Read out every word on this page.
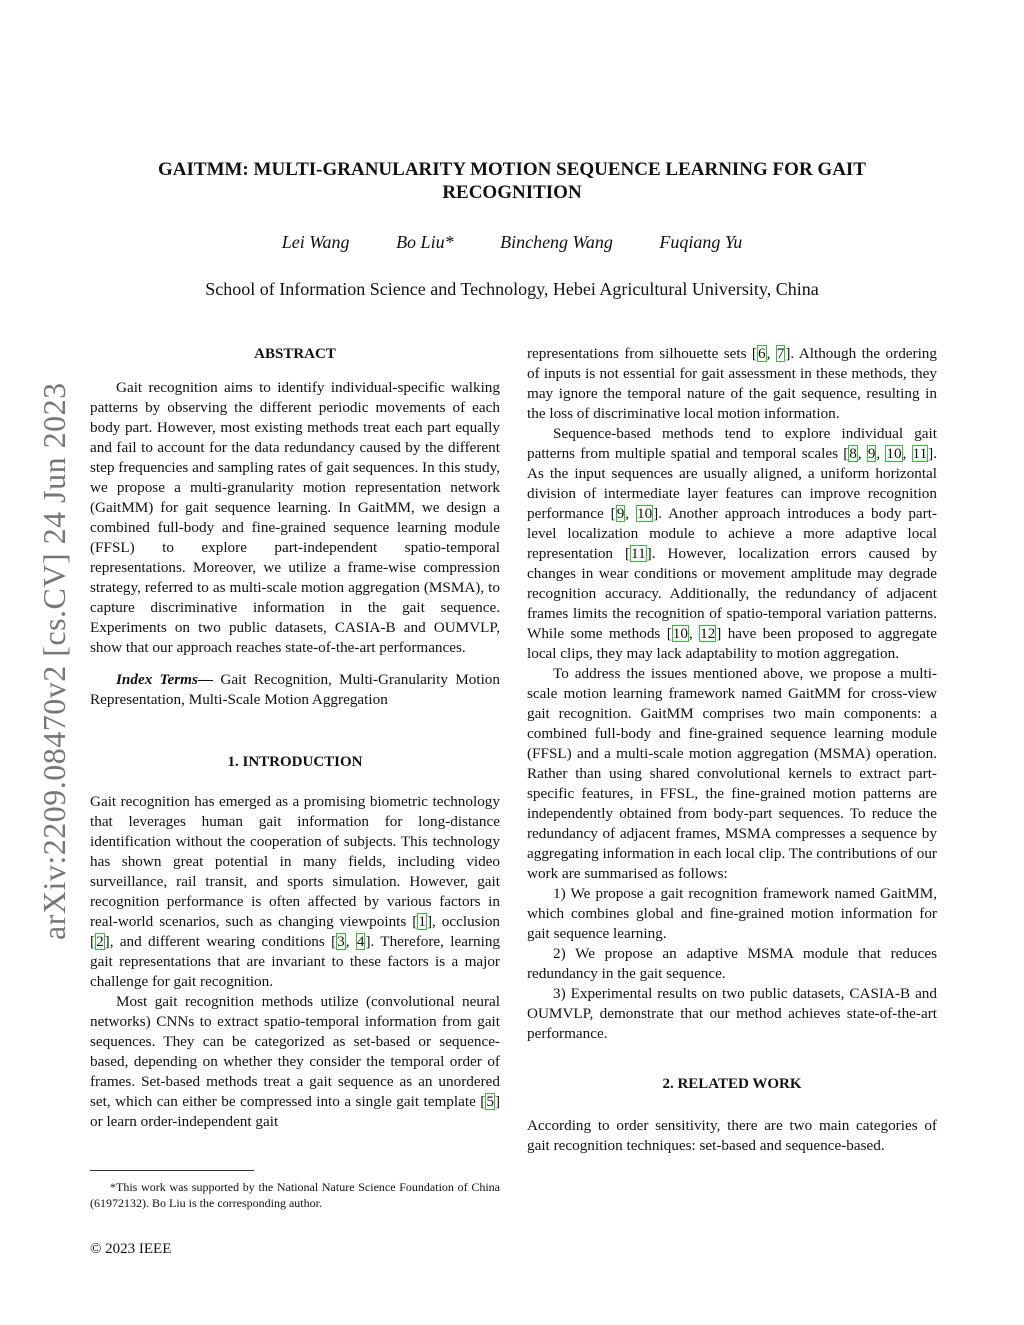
arXiv:2209.08470v2 [cs.CV] 24 Jun 2023
GAITMM: MULTI-GRANULARITY MOTION SEQUENCE LEARNING FOR GAIT RECOGNITION
Lei Wang	Bo Liu*	Bincheng Wang	Fuqiang Yu
School of Information Science and Technology, Hebei Agricultural University, China
ABSTRACT

Gait recognition aims to identify individual-specific walking patterns by observing the different periodic movements of each body part. However, most existing methods treat each part equally and fail to account for the data redundancy caused by the different step frequencies and sampling rates of gait sequences. In this study, we propose a multi-granularity motion representation network (GaitMM) for gait sequence learning. In GaitMM, we design a combined full-body and fine-grained sequence learning module (FFSL) to explore part-independent spatio-temporal representations. Moreover, we utilize a frame-wise compression strategy, referred to as multi-scale motion aggregation (MSMA), to capture discriminative information in the gait sequence. Experiments on two public datasets, CASIA-B and OUMVLP, show that our approach reaches state-of-the-art performances.

Index Terms— Gait Recognition, Multi-Granularity Motion Representation, Multi-Scale Motion Aggregation

1. INTRODUCTION

Gait recognition has emerged as a promising biometric technology that leverages human gait information for long-distance identification without the cooperation of subjects. This technology has shown great potential in many fields, including video surveillance, rail transit, and sports simulation. However, gait recognition performance is often affected by various factors in real-world scenarios, such as changing viewpoints [1], occlusion [2], and different wearing conditions [3, 4]. Therefore, learning gait representations that are invariant to these factors is a major challenge for gait recognition.

Most gait recognition methods utilize (convolutional neural networks) CNNs to extract spatio-temporal information from gait sequences. They can be categorized as set-based or sequence-based, depending on whether they consider the temporal order of frames. Set-based methods treat a gait sequence as an unordered set, which can either be compressed into a single gait template [5] or learn order-independent gait

representations from silhouette sets [6, 7]. Although the ordering of inputs is not essential for gait assessment in these methods, they may ignore the temporal nature of the gait sequence, resulting in the loss of discriminative local motion information.

Sequence-based methods tend to explore individual gait patterns from multiple spatial and temporal scales [8, 9, 10, 11]. As the input sequences are usually aligned, a uniform horizontal division of intermediate layer features can improve recognition performance [9, 10]. Another approach introduces a body part-level localization module to achieve a more adaptive local representation [11]. However, localization errors caused by changes in wear conditions or movement amplitude may degrade recognition accuracy. Additionally, the redundancy of adjacent frames limits the recognition of spatio-temporal variation patterns. While some methods [10, 12] have been proposed to aggregate local clips, they may lack adaptability to motion aggregation.

To address the issues mentioned above, we propose a multi-scale motion learning framework named GaitMM for cross-view gait recognition. GaitMM comprises two main components: a combined full-body and fine-grained sequence learning module (FFSL) and a multi-scale motion aggregation (MSMA) operation. Rather than using shared convolutional kernels to extract part-specific features, in FFSL, the fine-grained motion patterns are independently obtained from body-part sequences. To reduce the redundancy of adjacent frames, MSMA compresses a sequence by aggregating information in each local clip. The contributions of our work are summarised as follows:

1) We propose a gait recognition framework named GaitMM, which combines global and fine-grained motion information for gait sequence learning.

2) We propose an adaptive MSMA module that reduces redundancy in the gait sequence.

3) Experimental results on two public datasets, CASIA-B and OUMVLP, demonstrate that our method achieves state-of-the-art performance.

2. RELATED WORK

According to order sensitivity, there are two main categories of gait recognition techniques: set-based and sequence-based.

*This work was supported by the National Nature Science Foundation of China (61972132). Bo Liu is the corresponding author.
© 2023 IEEE
